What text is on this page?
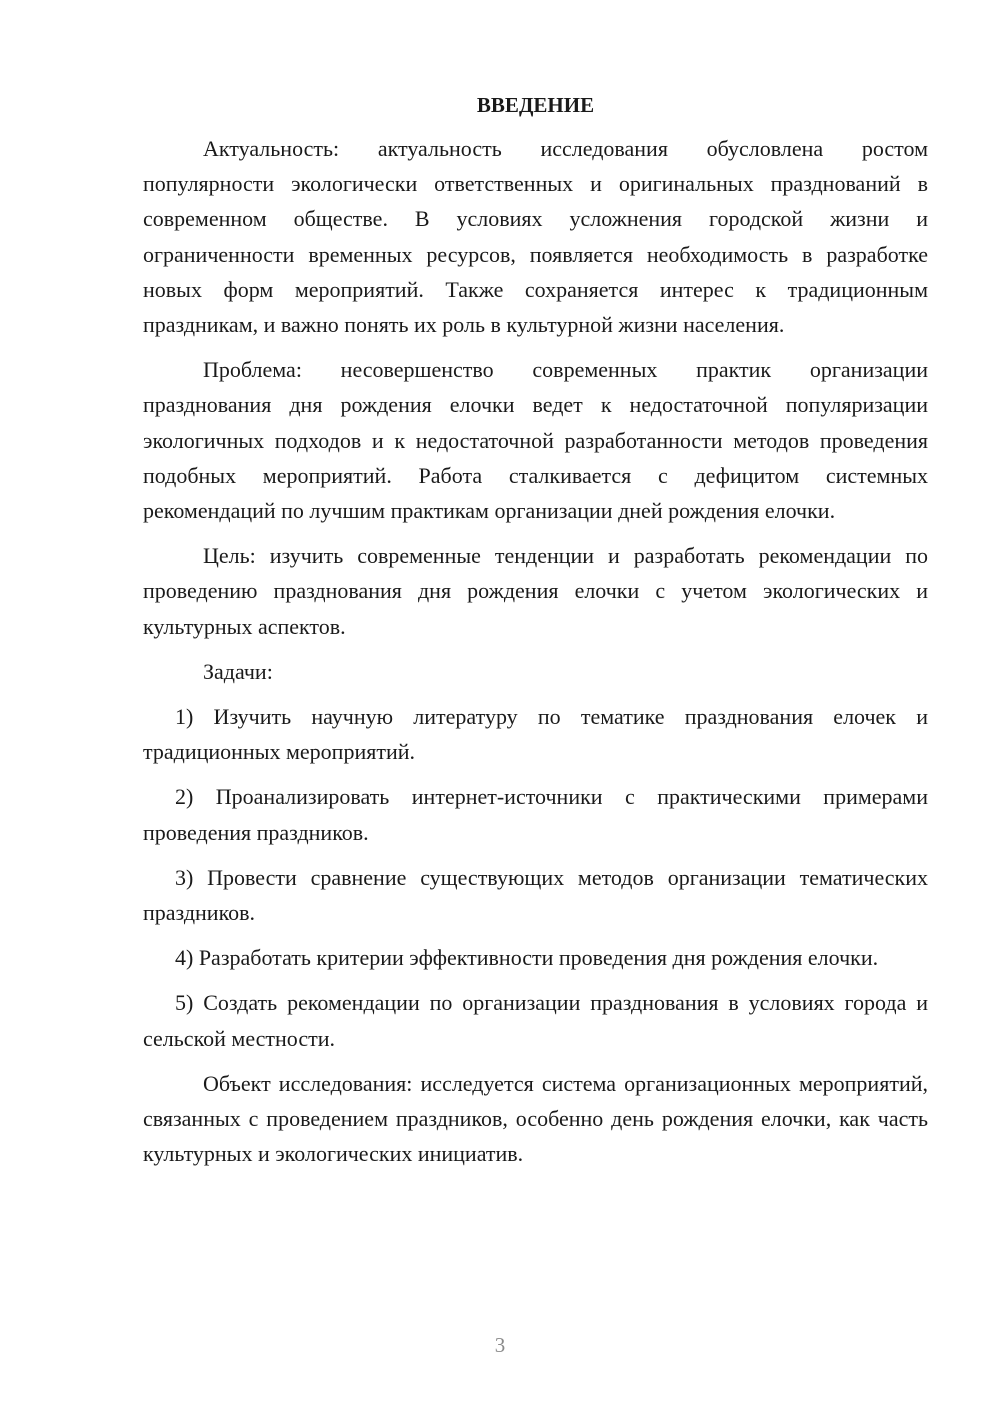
ВВЕДЕНИЕ

Актуальность: актуальность исследования обусловлена ростом популярности экологически ответственных и оригинальных празднований в современном обществе. В условиях усложнения городской жизни и ограниченности временных ресурсов, появляется необходимость в разработке новых форм мероприятий. Также сохраняется интерес к традиционным праздникам, и важно понять их роль в культурной жизни населения.

Проблема: несовершенство современных практик организации празднования дня рождения елочки ведет к недостаточной популяризации экологичных подходов и к недостаточной разработанности методов проведения подобных мероприятий. Работа сталкивается с дефицитом системных рекомендаций по лучшим практикам организации дней рождения елочки.

Цель: изучить современные тенденции и разработать рекомендации по проведению празднования дня рождения елочки с учетом экологических и культурных аспектов.

Задачи:

1) Изучить научную литературу по тематике празднования елочек и традиционных мероприятий.

2) Проанализировать интернет-источники с практическими примерами проведения праздников.

3) Провести сравнение существующих методов организации тематических праздников.

4) Разработать критерии эффективности проведения дня рождения елочки.

5) Создать рекомендации по организации празднования в условиях города и сельской местности.

Объект исследования: исследуется система организационных мероприятий, связанных с проведением праздников, особенно день рождения елочки, как часть культурных и экологических инициатив.

3
